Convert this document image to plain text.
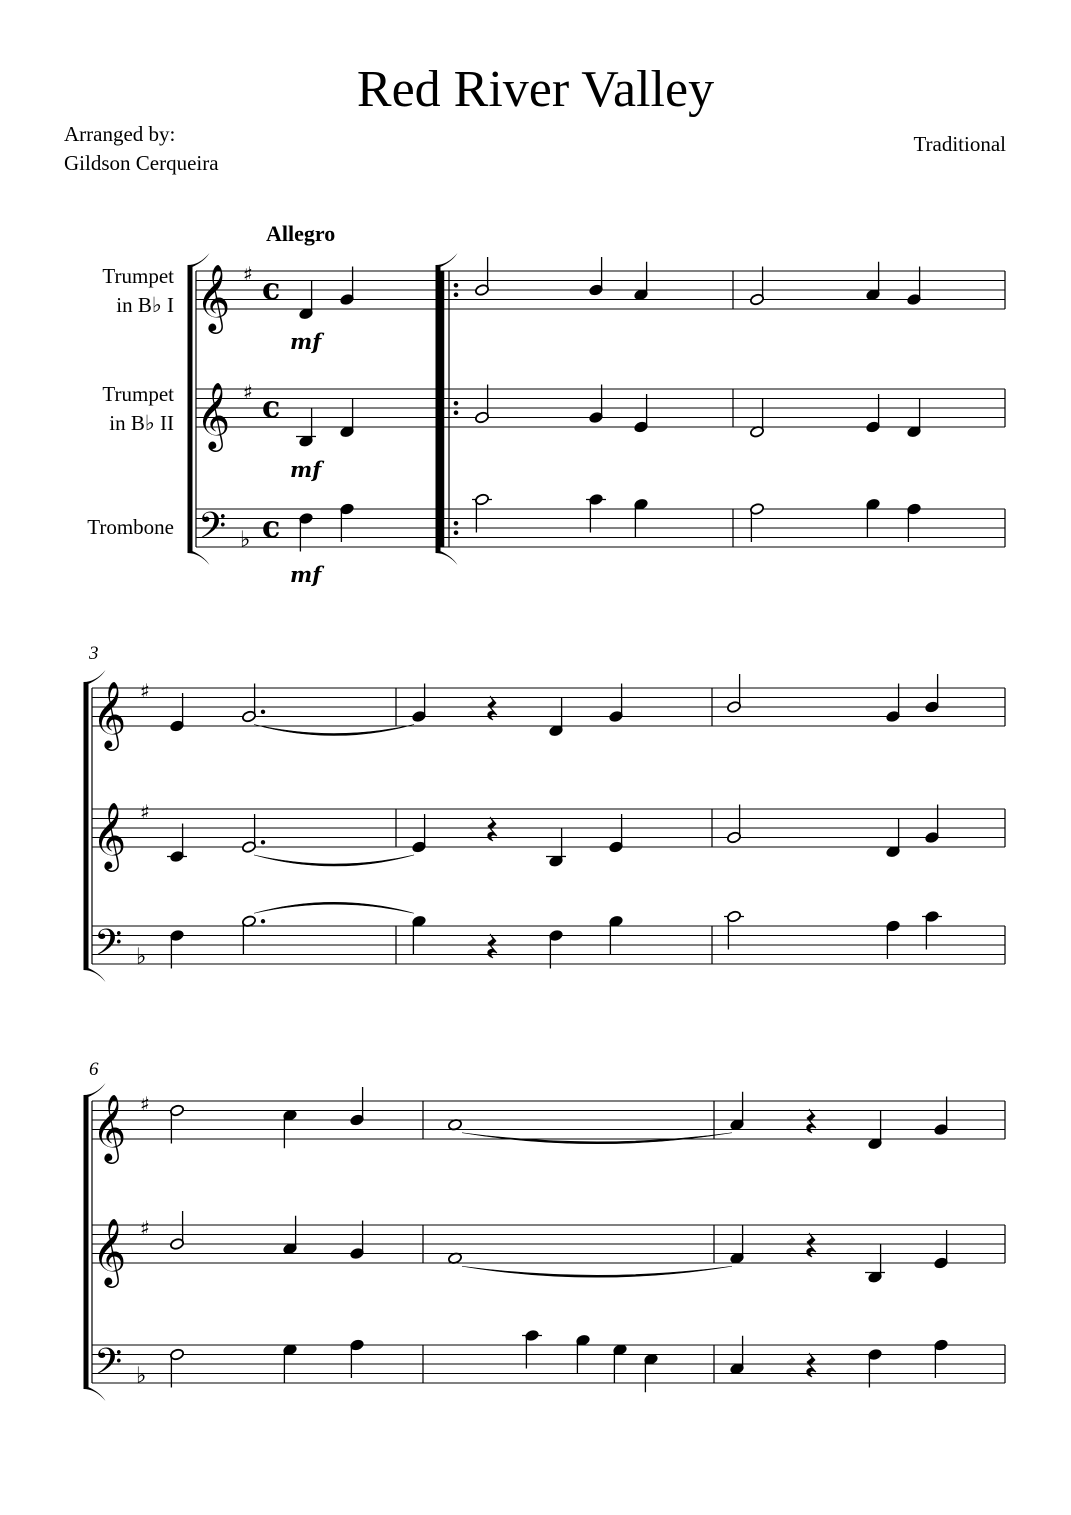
Red River Valley
Arranged by:
Gildson Cerqueira
Traditional
Allegro
Trumpet
in B♭ I
Trumpet
in B♭ II
Trombone
3
6
𝄞
𝄞
𝄢
♯
♯
♭
c
c
c
mf
mf
mf
𝄞
𝄞
𝄢
♯
♯
♭
𝄞
𝄞
𝄢
♯
♯
♭
